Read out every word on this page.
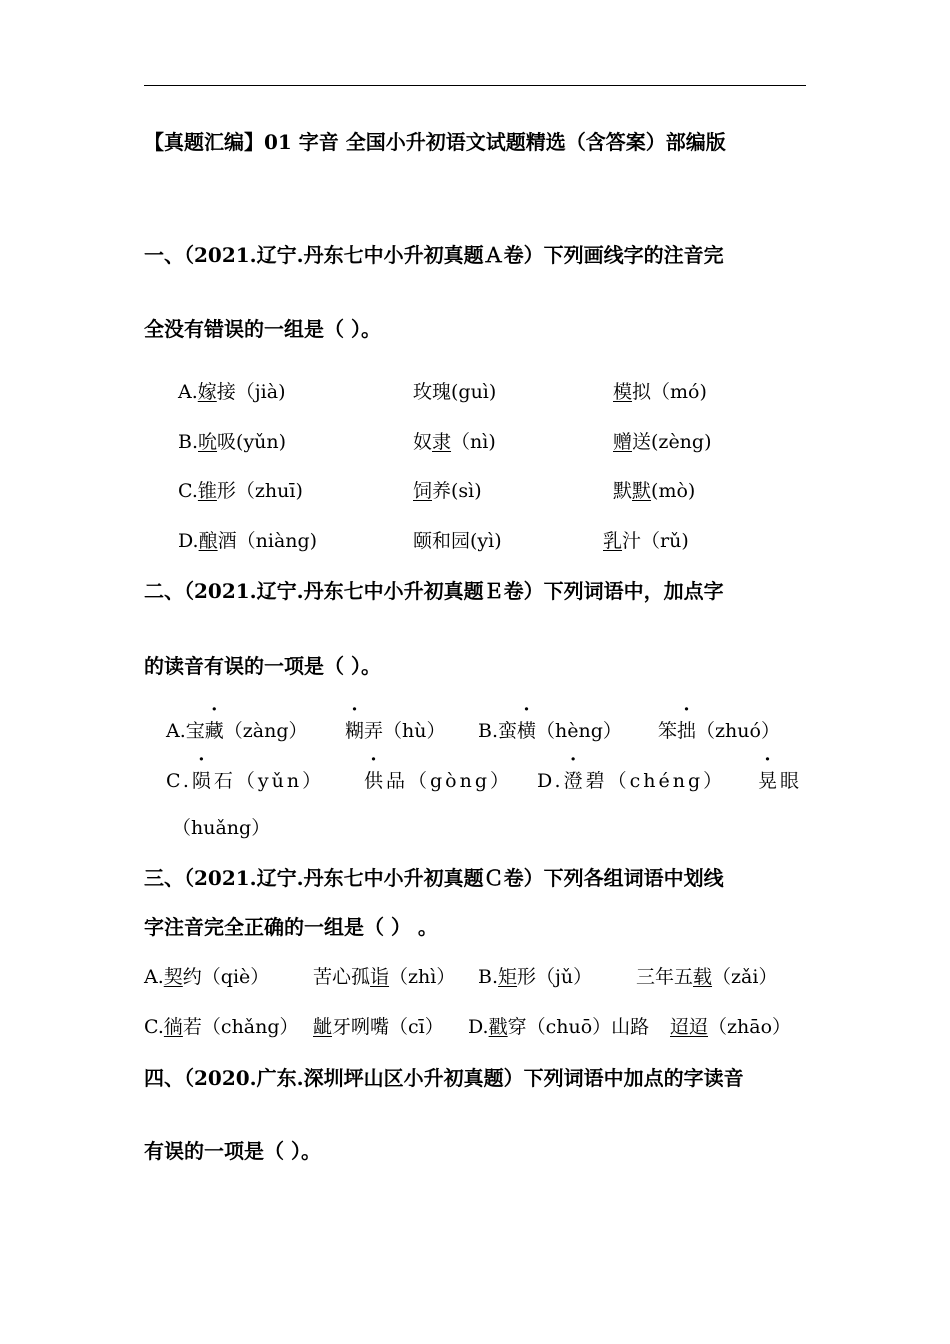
【真题汇编】01 字音 全国小升初语文试题精选（含答案）部编版
一、（2021.辽宁.丹东七中小升初真题Ａ卷）下列画线字的注音完
全没有错误的一组是（ ）。
A.嫁接（jià)	玫瑰(guì)	模拟（mó)
B.吮吸(yǔn)	奴隶（nì)	赠送(zèng)
C.锥形（zhuī)	饲养(sì)	默默(mò)
D.酿酒（niàng)	颐和园(yì)	乳汁（rǔ)
二、（2021.辽宁.丹东七中小升初真题Ｅ卷）下列词语中，加点字
的读音有误的一项是（ ）。
A.宝藏（zàng） 糊弄（hù） B.蛮横（hèng） 笨拙（zhuó）
C.陨石（yǔn） 供品（gòng） D.澄碧（chéng） 晃眼
（huǎng）
三、（2021.辽宁.丹东七中小升初真题Ｃ卷）下列各组词语中划线
字注音完全正确的一组是（ ） 。
A.契约（qiè） 苦心孤诣（zhì） B.矩形（jǔ） 三年五载（zǎi）
C.徜若（chǎng） 龇牙咧嘴（cī） D.戳穿（chuō）山路 迢迢（zhāo）
四、（2020.广东.深圳坪山区小升初真题）下列词语中加点的字读音
有误的一项是（ ）。
